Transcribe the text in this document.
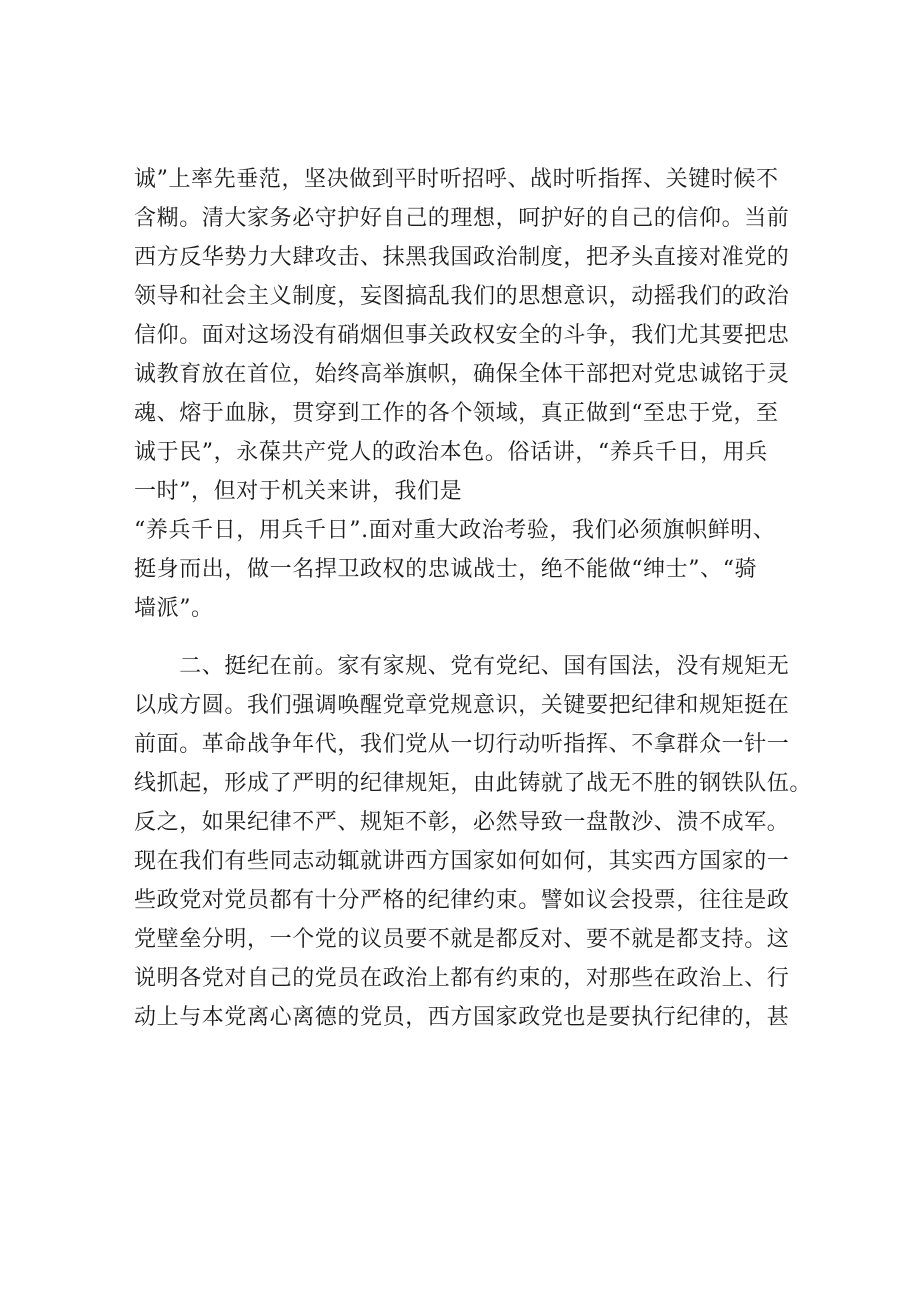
诚”上率先垂范，坚决做到平时听招呼、战时听指挥、关键时候不
含糊。清大家务必守护好自己的理想，呵护好的自己的信仰。当前
西方反华势力大肆攻击、抹黑我国政治制度，把矛头直接对准党的
领导和社会主义制度，妄图搞乱我们的思想意识，动摇我们的政治
信仰。面对这场没有硝烟但事关政权安全的斗争，我们尤其要把忠
诚教育放在首位，始终高举旗帜，确保全体干部把对党忠诚铭于灵
魂、熔于血脉，贯穿到工作的各个领域，真正做到“至忠于党，至
诚于民”，永葆共产党人的政治本色。俗话讲，“养兵千日，用兵
一时”，但对于机关来讲，我们是
“养兵千日，用兵千日”.面对重大政治考验，我们必须旗帜鲜明、
挺身而出，做一名捍卫政权的忠诚战士，绝不能做“绅士”、“骑
墙派”。
　　二、挺纪在前。家有家规、党有党纪、国有国法，没有规矩无
以成方圆。我们强调唤醒党章党规意识，关键要把纪律和规矩挺在
前面。革命战争年代，我们党从一切行动听指挥、不拿群众一针一
线抓起，形成了严明的纪律规矩，由此铸就了战无不胜的钢铁队伍。
反之，如果纪律不严、规矩不彰，必然导致一盘散沙、溃不成军。
现在我们有些同志动辄就讲西方国家如何如何，其实西方国家的一
些政党对党员都有十分严格的纪律约束。譬如议会投票，往往是政
党壁垒分明，一个党的议员要不就是都反对、要不就是都支持。这
说明各党对自己的党员在政治上都有约束的，对那些在政治上、行
动上与本党离心离德的党员，西方国家政党也是要执行纪律的，甚
